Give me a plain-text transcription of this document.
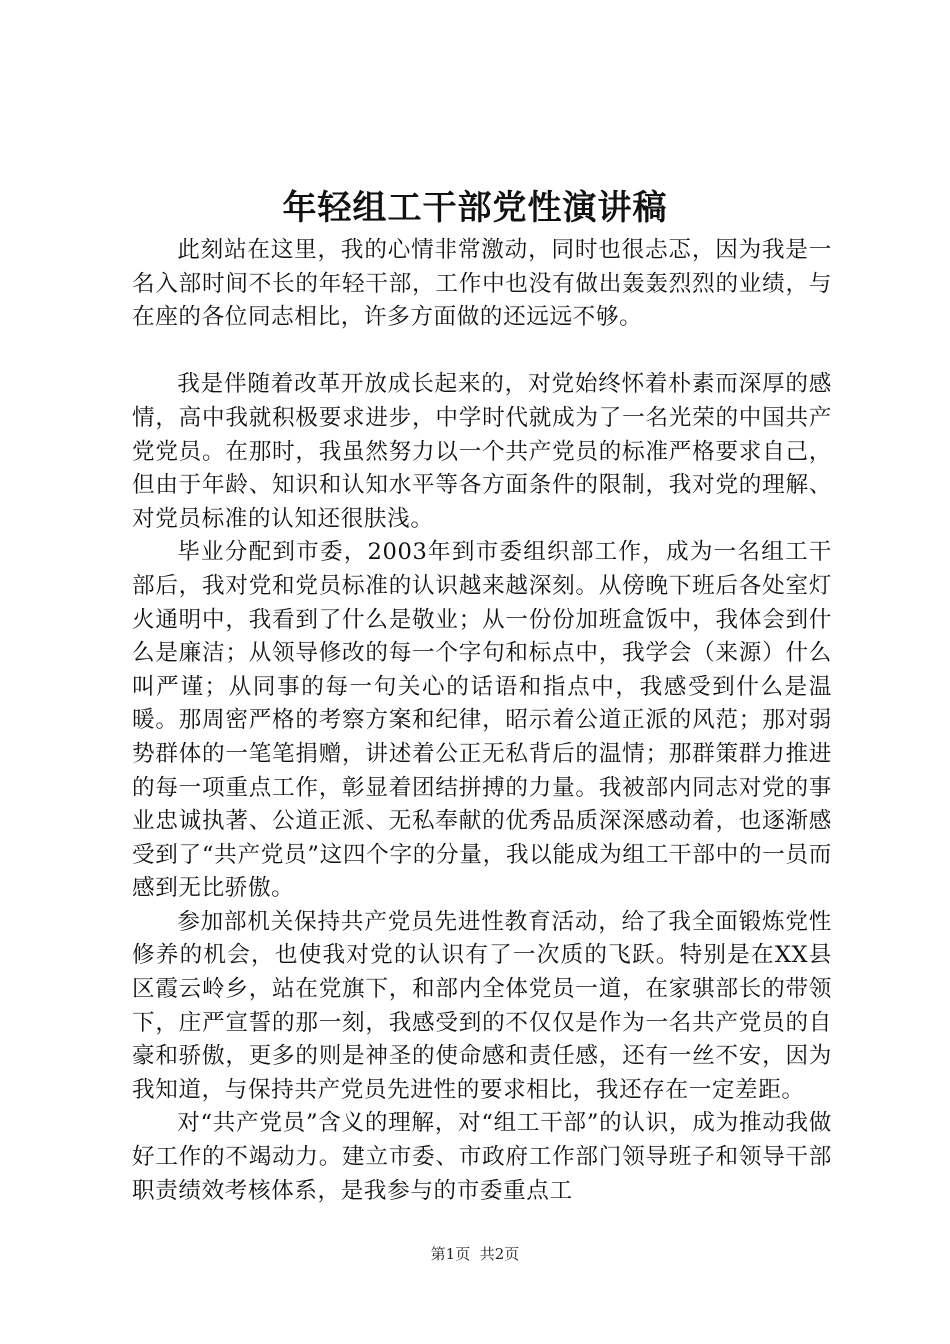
年轻组工干部党性演讲稿

此刻站在这里，我的心情非常激动，同时也很忐忑，因为我是一名入部时间不长的年轻干部，工作中也没有做出轰轰烈烈的业绩，与在座的各位同志相比，许多方面做的还远远不够。

我是伴随着改革开放成长起来的，对党始终怀着朴素而深厚的感情，高中我就积极要求进步，中学时代就成为了一名光荣的中国共产党党员。在那时，我虽然努力以一个共产党员的标准严格要求自己，但由于年龄、知识和认知水平等各方面条件的限制，我对党的理解、对党员标准的认知还很肤浅。

毕业分配到市委，2003年到市委组织部工作，成为一名组工干部后，我对党和党员标准的认识越来越深刻。从傍晚下班后各处室灯火通明中，我看到了什么是敬业；从一份份加班盒饭中，我体会到什么是廉洁；从领导修改的每一个字句和标点中，我学会（来源）什么叫严谨；从同事的每一句关心的话语和指点中，我感受到什么是温暖。那周密严格的考察方案和纪律，昭示着公道正派的风范；那对弱势群体的一笔笔捐赠，讲述着公正无私背后的温情；那群策群力推进的每一项重点工作，彰显着团结拼搏的力量。我被部内同志对党的事业忠诚执著、公道正派、无私奉献的优秀品质深深感动着，也逐渐感受到了“共产党员”这四个字的分量，我以能成为组工干部中的一员而感到无比骄傲。

参加部机关保持共产党员先进性教育活动，给了我全面锻炼党性修养的机会，也使我对党的认识有了一次质的飞跃。特别是在XX县区霞云岭乡，站在党旗下，和部内全体党员一道，在家骐部长的带领下，庄严宣誓的那一刻，我感受到的不仅仅是作为一名共产党员的自豪和骄傲，更多的则是神圣的使命感和责任感，还有一丝不安，因为我知道，与保持共产党员先进性的要求相比，我还存在一定差距。

对“共产党员”含义的理解，对“组工干部”的认识，成为推动我做好工作的不竭动力。建立市委、市政府工作部门领导班子和领导干部职责绩效考核体系，是我参与的市委重点工

第1页 共2页
